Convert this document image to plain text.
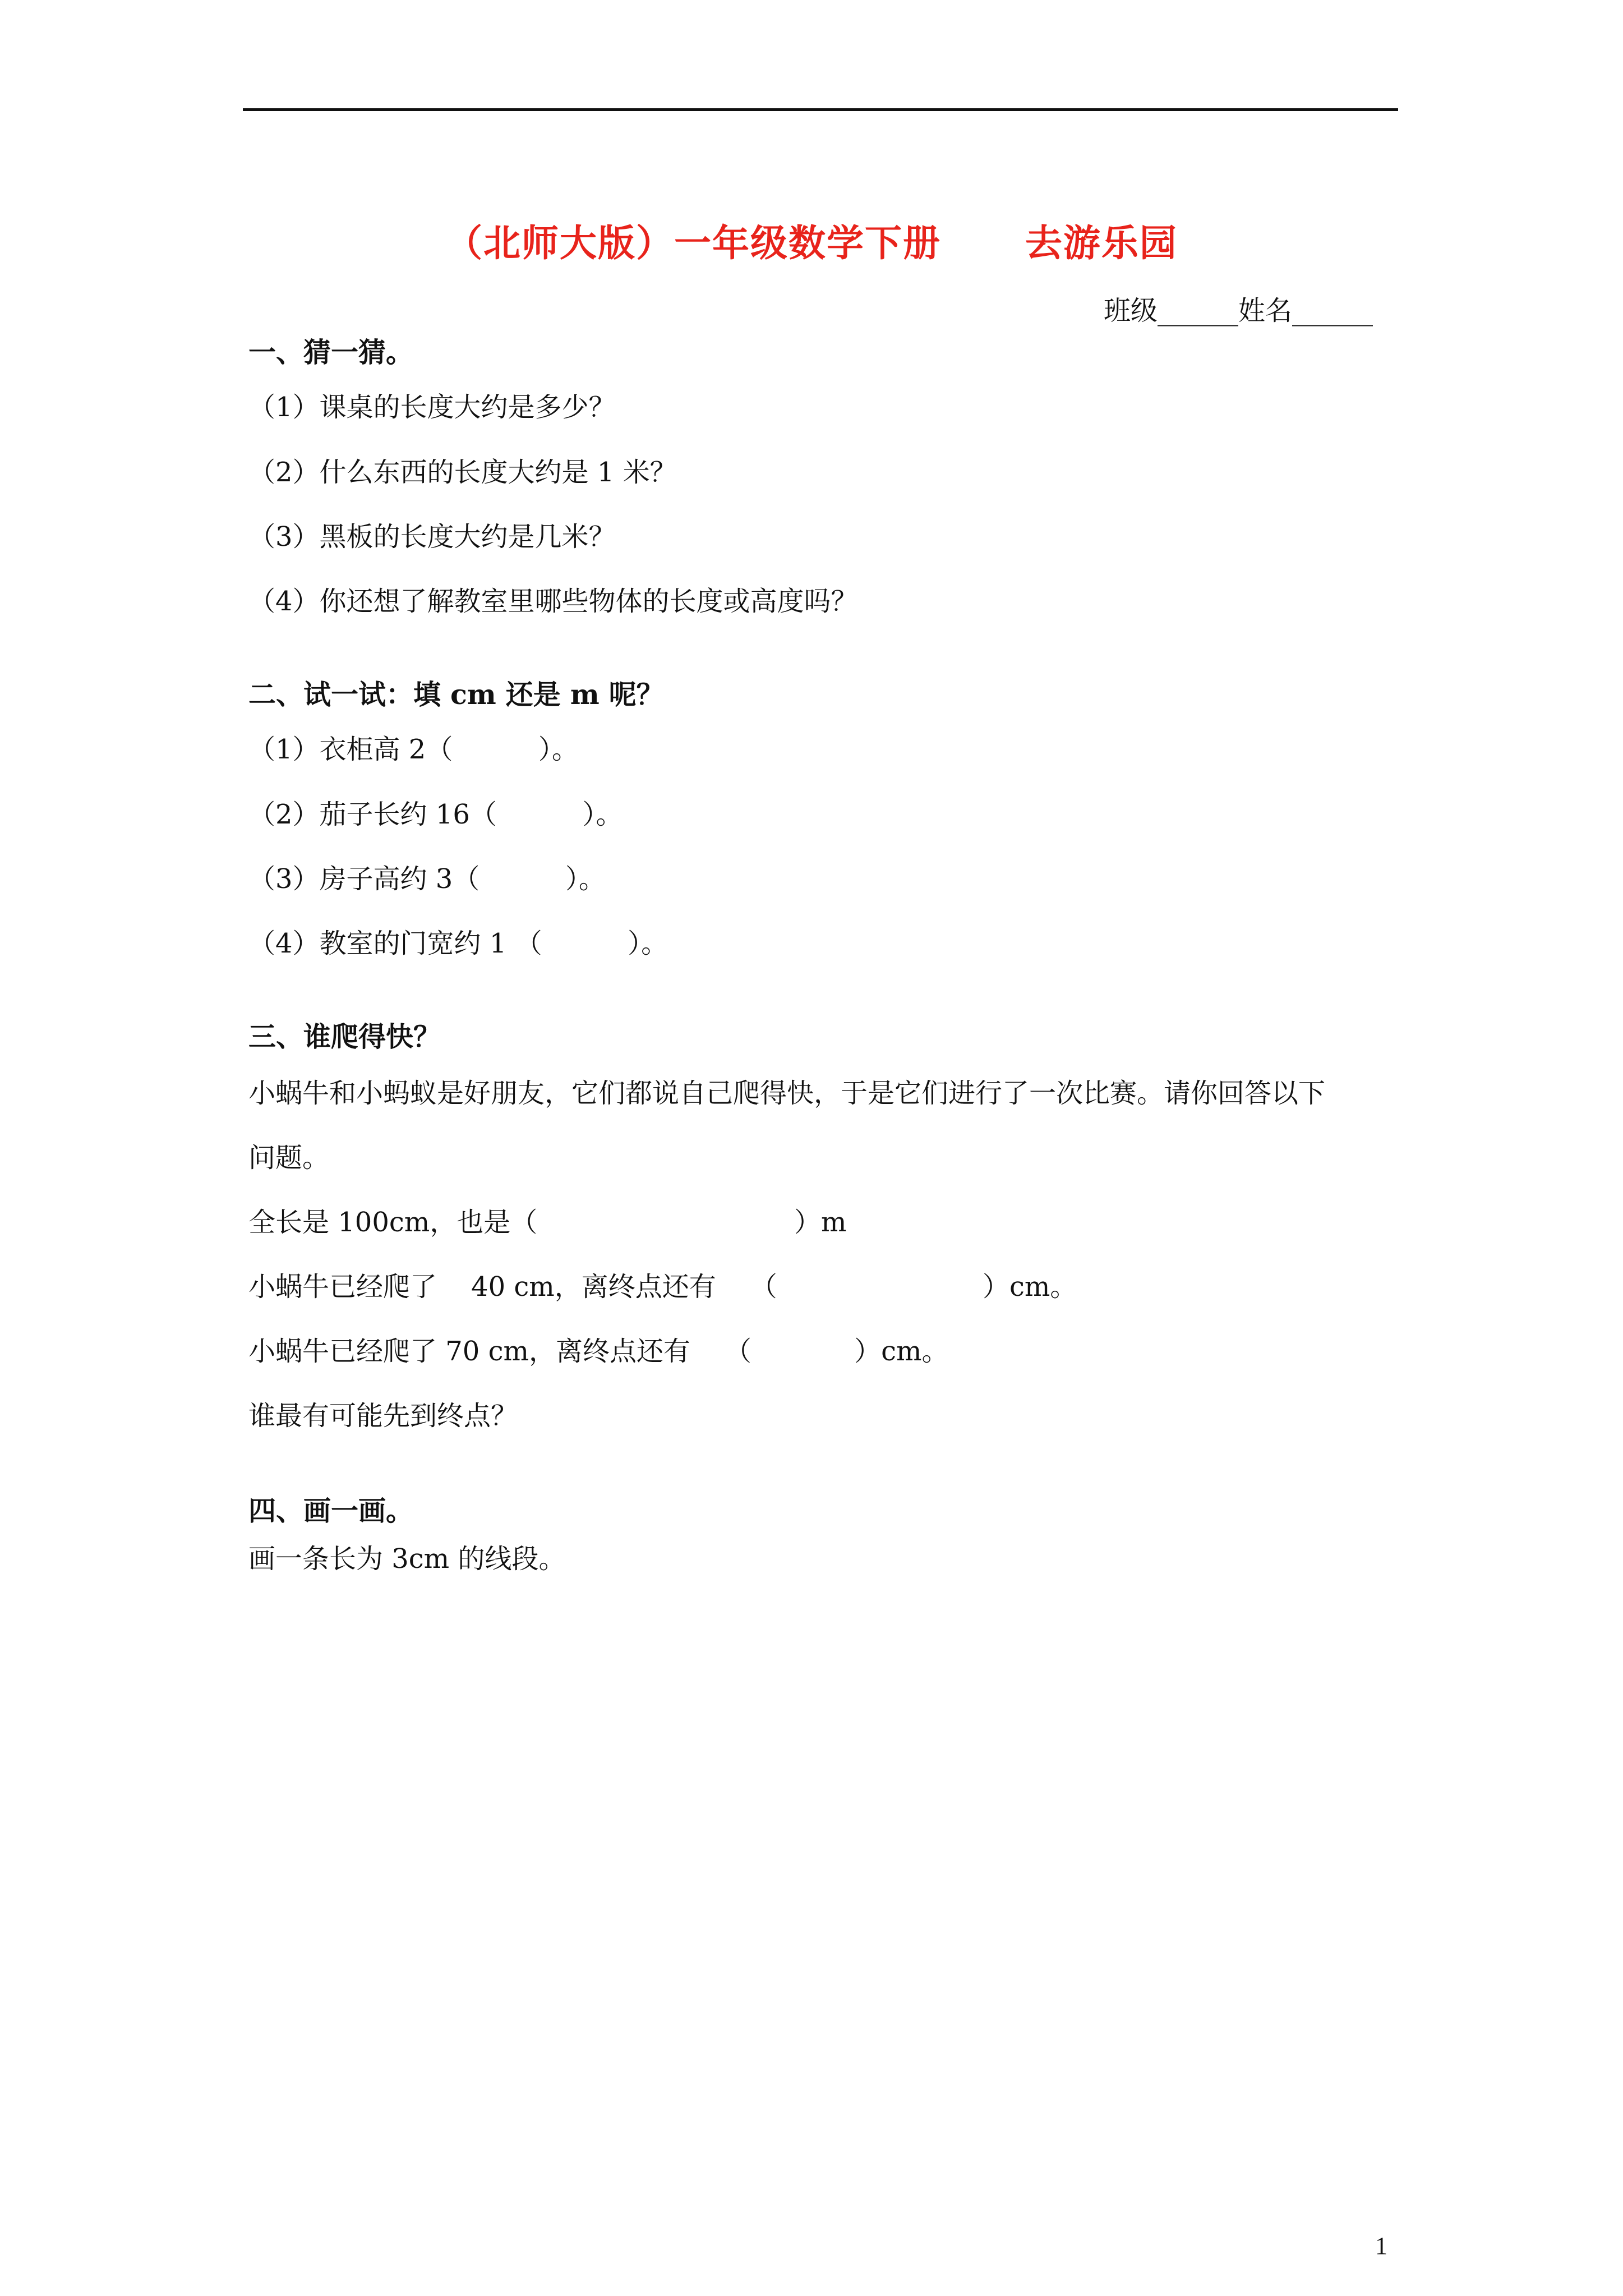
（北师大版）一年级数学下册      去游乐园
班级______姓名______
一、猜一猜。
（1）课桌的长度大约是多少？
（2）什么东西的长度大约是 1 米？
（3）黑板的长度大约是几米？
（4）你还想了解教室里哪些物体的长度或高度吗？
二、试一试：填 cm 还是 m 呢？
（1）衣柜高 2（          ）。
（2）茄子长约 16（          ）。
（3）房子高约 3（          ）。
（4）教室的门宽约 1 （          ）。
三、谁爬得快？
小蜗牛和小蚂蚁是好朋友，它们都说自己爬得快，于是它们进行了一次比赛。请你回答以下
问题。
全长是 100cm，也是（                              ）m
小蜗牛已经爬了    40 cm，离终点还有    （                        ）cm。
小蜗牛已经爬了 70 cm，离终点还有    （            ）cm。
谁最有可能先到终点？
四、画一画。
画一条长为 3cm 的线段。
1
